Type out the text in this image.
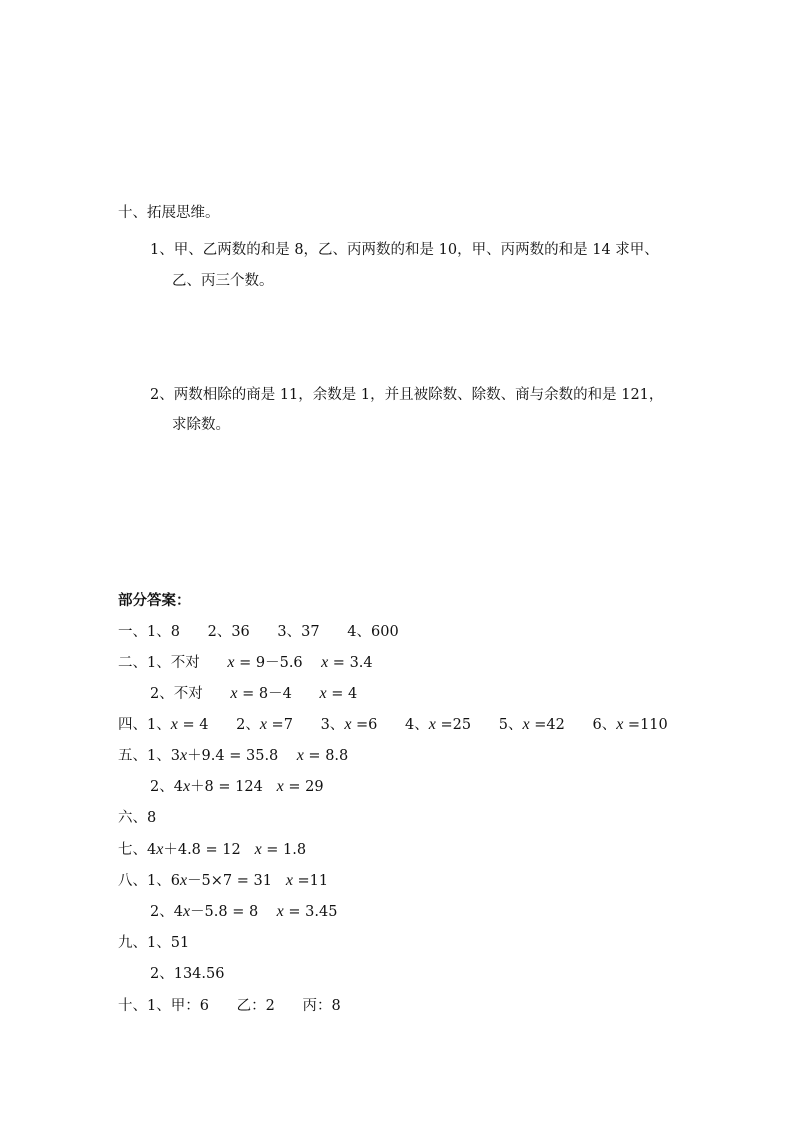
十、拓展思维。
1、甲、乙两数的和是 8，乙、丙两数的和是 10，甲、丙两数的和是 14 求甲、
乙、丙三个数。
2、两数相除的商是 11，余数是 1，并且被除数、除数、商与余数的和是 121，
求除数。
部分答案：
一、1、8      2、36      3、37      4、600
二、1、不对      x = 9－5.6    x = 3.4
2、不对      x = 8－4      x = 4
四、1、x = 4      2、x =7      3、x =6      4、x =25      5、x =42      6、x =110
五、1、3x＋9.4 = 35.8    x = 8.8
2、4x＋8 = 124   x = 29
六、8
七、4x＋4.8 = 12   x = 1.8
八、1、6x－5×7 = 31   x =11
2、4x－5.8 = 8    x = 3.45
九、1、51
2、134.56
十、1、甲：6      乙：2      丙：8
